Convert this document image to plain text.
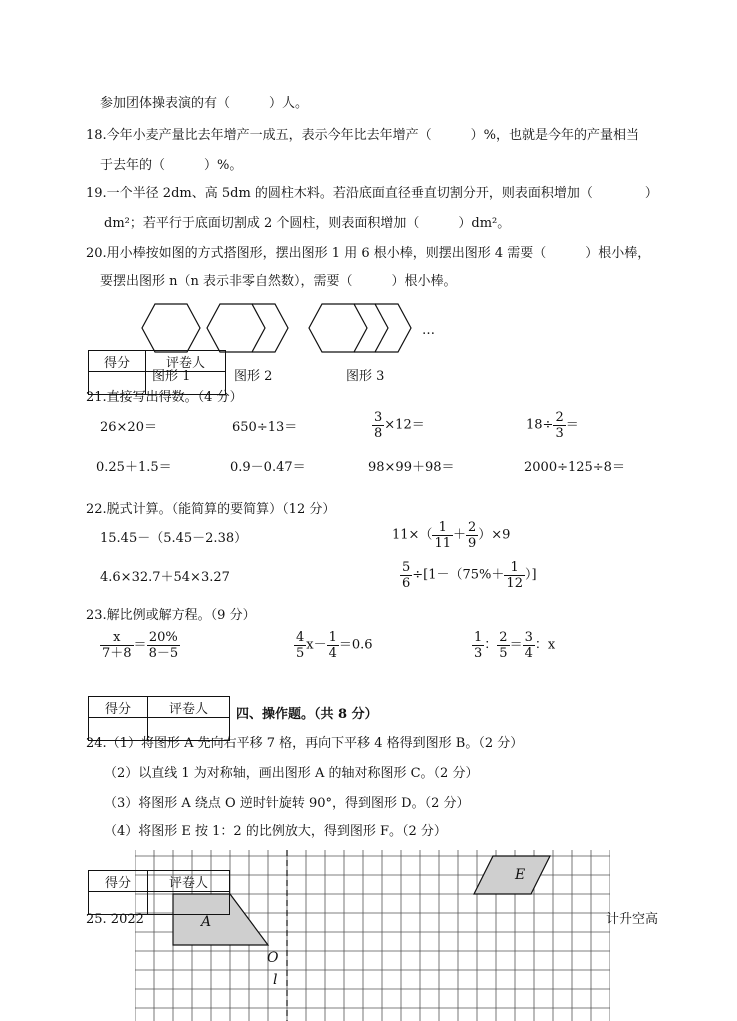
参加团体操表演的有（　　　）人。
18.今年小麦产量比去年增产一成五，表示今年比去年增产（　　　）%，也就是今年的产量相当
于去年的（　　　）%。
19.一个半径 2dm、高 5dm 的圆柱木料。若沿底面直径垂直切割分开，则表面积增加（　　　　）
dm²；若平行于底面切割成 2 个圆柱，则表面积增加（　　　）dm²。
20.用小棒按如图的方式搭图形，摆出图形 1 用 6 根小棒，则摆出图形 4 需要（　　　）根小棒，
要摆出图形 n（n 表示非零自然数），需要（　　　）根小棒。
…
图形 1	图形 2	图形 3
得分	评卷人

21.直接写出得数。（4 分）
26×20＝	650÷13＝	$\frac{3}{8} \times 12=$	$18\div \frac{2}{3}$ ＝
0.25＋1.5＝	0.9－0.47＝	98×99＋98＝	2000÷125÷8＝
22.脱式计算。（能简算的要简算）（12 分）
15.45－（5.45－2.38）	$11\times( \frac{1}{11} + \frac{2}{9} )\times 9$
4.6×32.7＋54×3.27	$\frac{5}{6} \div[1-(75\%+ \frac{1}{12}$ ）]
23.解比例或解方程。（9 分）
$\frac{x}{7+8} = \frac{20\%}{8-5}$	$\frac{4}{5} x- \frac{1}{4} =0.6$	$\frac{1}{3}$ ： $\frac{2}{5} = \frac{3}{4}$ ：x
得分	评卷人
	四、操作题。（共 8 分）
24.（1）将图形 A 先向右平移 7 格，再向下平移 4 格得到图形 B。（2 分）
（2）以直线 1 为对称轴，画出图形 A 的轴对称图形 C。（2 分）
（3）将图形 A 绕点 O 逆时针旋转 90°，得到图形 D。（2 分）
（4）将图形 E 按 1：2 的比例放大，得到图形 F。（2 分）
A
E
O
l
得分	评卷人

25. 2022	计升空高
